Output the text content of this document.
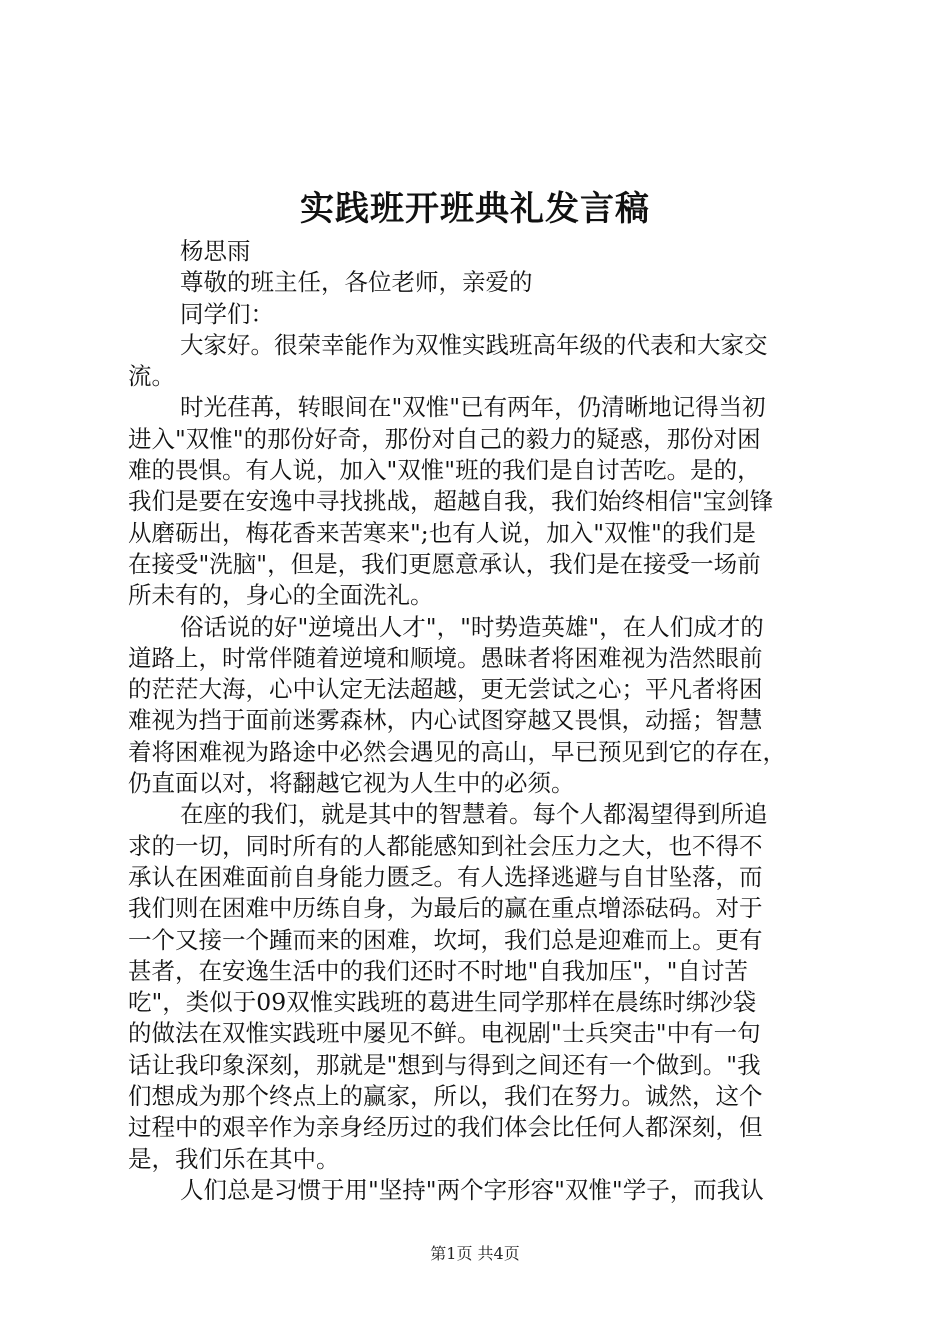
实践班开班典礼发言稿
杨思雨
尊敬的班主任，各位老师，亲爱的
同学们：
大家好。很荣幸能作为双惟实践班高年级的代表和大家交
流。
时光荏苒，转眼间在"双惟"已有两年，仍清晰地记得当初
进入"双惟"的那份好奇，那份对自己的毅力的疑惑，那份对困
难的畏惧。有人说，加入"双惟"班的我们是自讨苦吃。是的，
我们是要在安逸中寻找挑战，超越自我，我们始终相信"宝剑锋
从磨砺出，梅花香来苦寒来";也有人说，加入"双惟"的我们是
在接受"洗脑"，但是，我们更愿意承认，我们是在接受一场前
所未有的，身心的全面洗礼。
俗话说的好"逆境出人才"，"时势造英雄"，在人们成才的
道路上，时常伴随着逆境和顺境。愚昧者将困难视为浩然眼前
的茫茫大海，心中认定无法超越，更无尝试之心；平凡者将困
难视为挡于面前迷雾森林，内心试图穿越又畏惧，动摇；智慧
着将困难视为路途中必然会遇见的高山，早已预见到它的存在，
仍直面以对，将翻越它视为人生中的必须。
在座的我们，就是其中的智慧着。每个人都渴望得到所追
求的一切，同时所有的人都能感知到社会压力之大，也不得不
承认在困难面前自身能力匮乏。有人选择逃避与自甘坠落，而
我们则在困难中历练自身，为最后的赢在重点增添砝码。对于
一个又接一个踵而来的困难，坎坷，我们总是迎难而上。更有
甚者，在安逸生活中的我们还时不时地"自我加压"，"自讨苦
吃"，类似于09双惟实践班的葛进生同学那样在晨练时绑沙袋
的做法在双惟实践班中屡见不鲜。电视剧"士兵突击"中有一句
话让我印象深刻，那就是"想到与得到之间还有一个做到。"我
们想成为那个终点上的赢家，所以，我们在努力。诚然，这个
过程中的艰辛作为亲身经历过的我们体会比任何人都深刻，但
是，我们乐在其中。
人们总是习惯于用"坚持"两个字形容"双惟"学子，而我认
第1页 共4页
